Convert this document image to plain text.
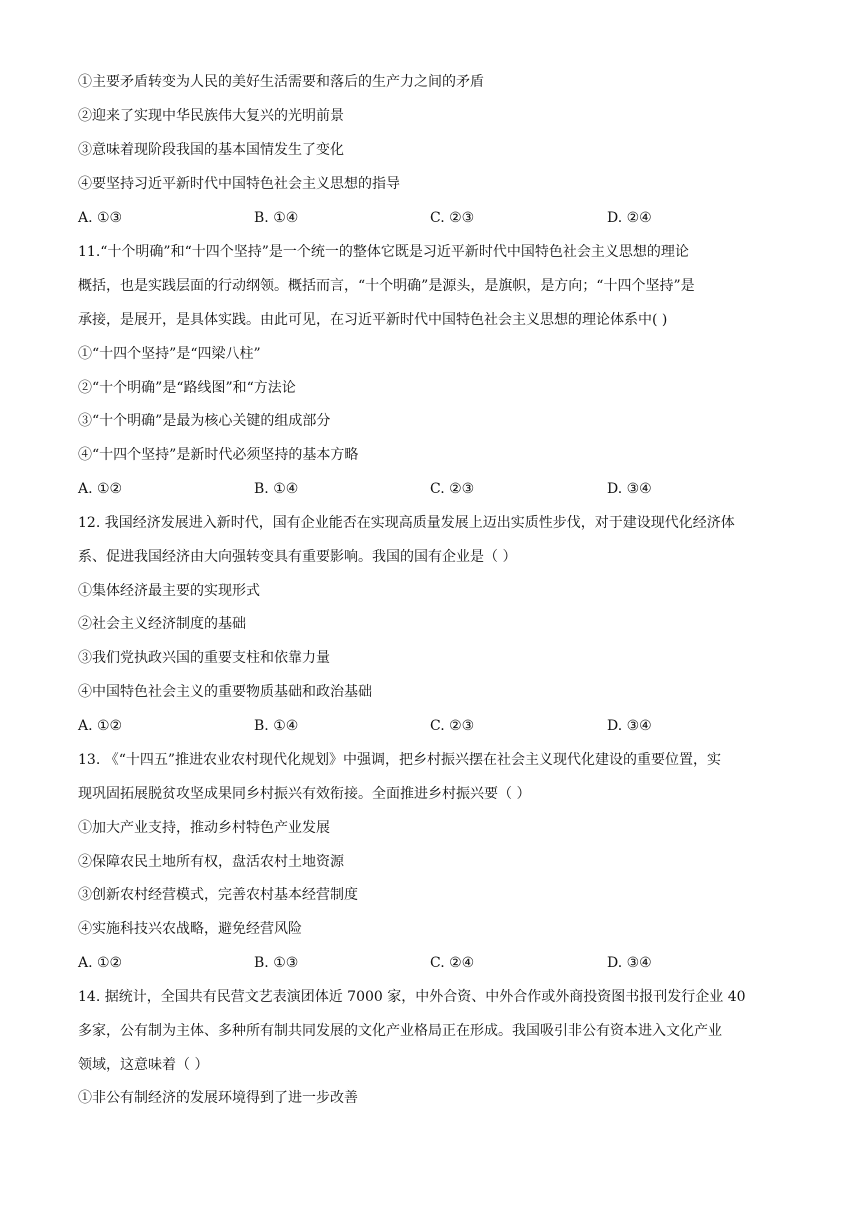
①主要矛盾转变为人民的美好生活需要和落后的生产力之间的矛盾
②迎来了实现中华民族伟大复兴的光明前景
③意味着现阶段我国的基本国情发生了变化
④要坚持习近平新时代中国特色社会主义思想的指导
A. ①③	B. ①④	C. ②③	D. ②④
11.“十个明确”和“十四个坚持”是一个统一的整体它既是习近平新时代中国特色社会主义思想的理论
概括，也是实践层面的行动纲领。概括而言，“十个明确”是源头，是旗帜，是方向；“十四个坚持”是
承接，是展开，是具体实践。由此可见，在习近平新时代中国特色社会主义思想的理论体系中( )
①“十四个坚持”是“四梁八柱”
②“十个明确”是“路线图”和“方法论
③“十个明确”是最为核心关键的组成部分
④“十四个坚持”是新时代必须坚持的基本方略
A. ①②	B. ①④	C. ②③	D. ③④
12. 我国经济发展进入新时代，国有企业能否在实现高质量发展上迈出实质性步伐，对于建设现代化经济体
系、促进我国经济由大向强转变具有重要影响。我国的国有企业是（ ）
①集体经济最主要的实现形式
②社会主义经济制度的基础
③我们党执政兴国的重要支柱和依靠力量
④中国特色社会主义的重要物质基础和政治基础
A. ①②	B. ①④	C. ②③	D. ③④
13. 《“十四五”推进农业农村现代化规划》中强调，把乡村振兴摆在社会主义现代化建设的重要位置，实
现巩固拓展脱贫攻坚成果同乡村振兴有效衔接。全面推进乡村振兴要（ ）
①加大产业支持，推动乡村特色产业发展
②保障农民土地所有权，盘活农村土地资源
③创新农村经营模式，完善农村基本经营制度
④实施科技兴农战略，避免经营风险
A. ①②	B. ①③	C. ②④	D. ③④
14. 据统计，全国共有民营文艺表演团体近 7000 家，中外合资、中外合作或外商投资图书报刊发行企业 40
多家，公有制为主体、多种所有制共同发展的文化产业格局正在形成。我国吸引非公有资本进入文化产业
领域，这意味着（ ）
①非公有制经济的发展环境得到了进一步改善
